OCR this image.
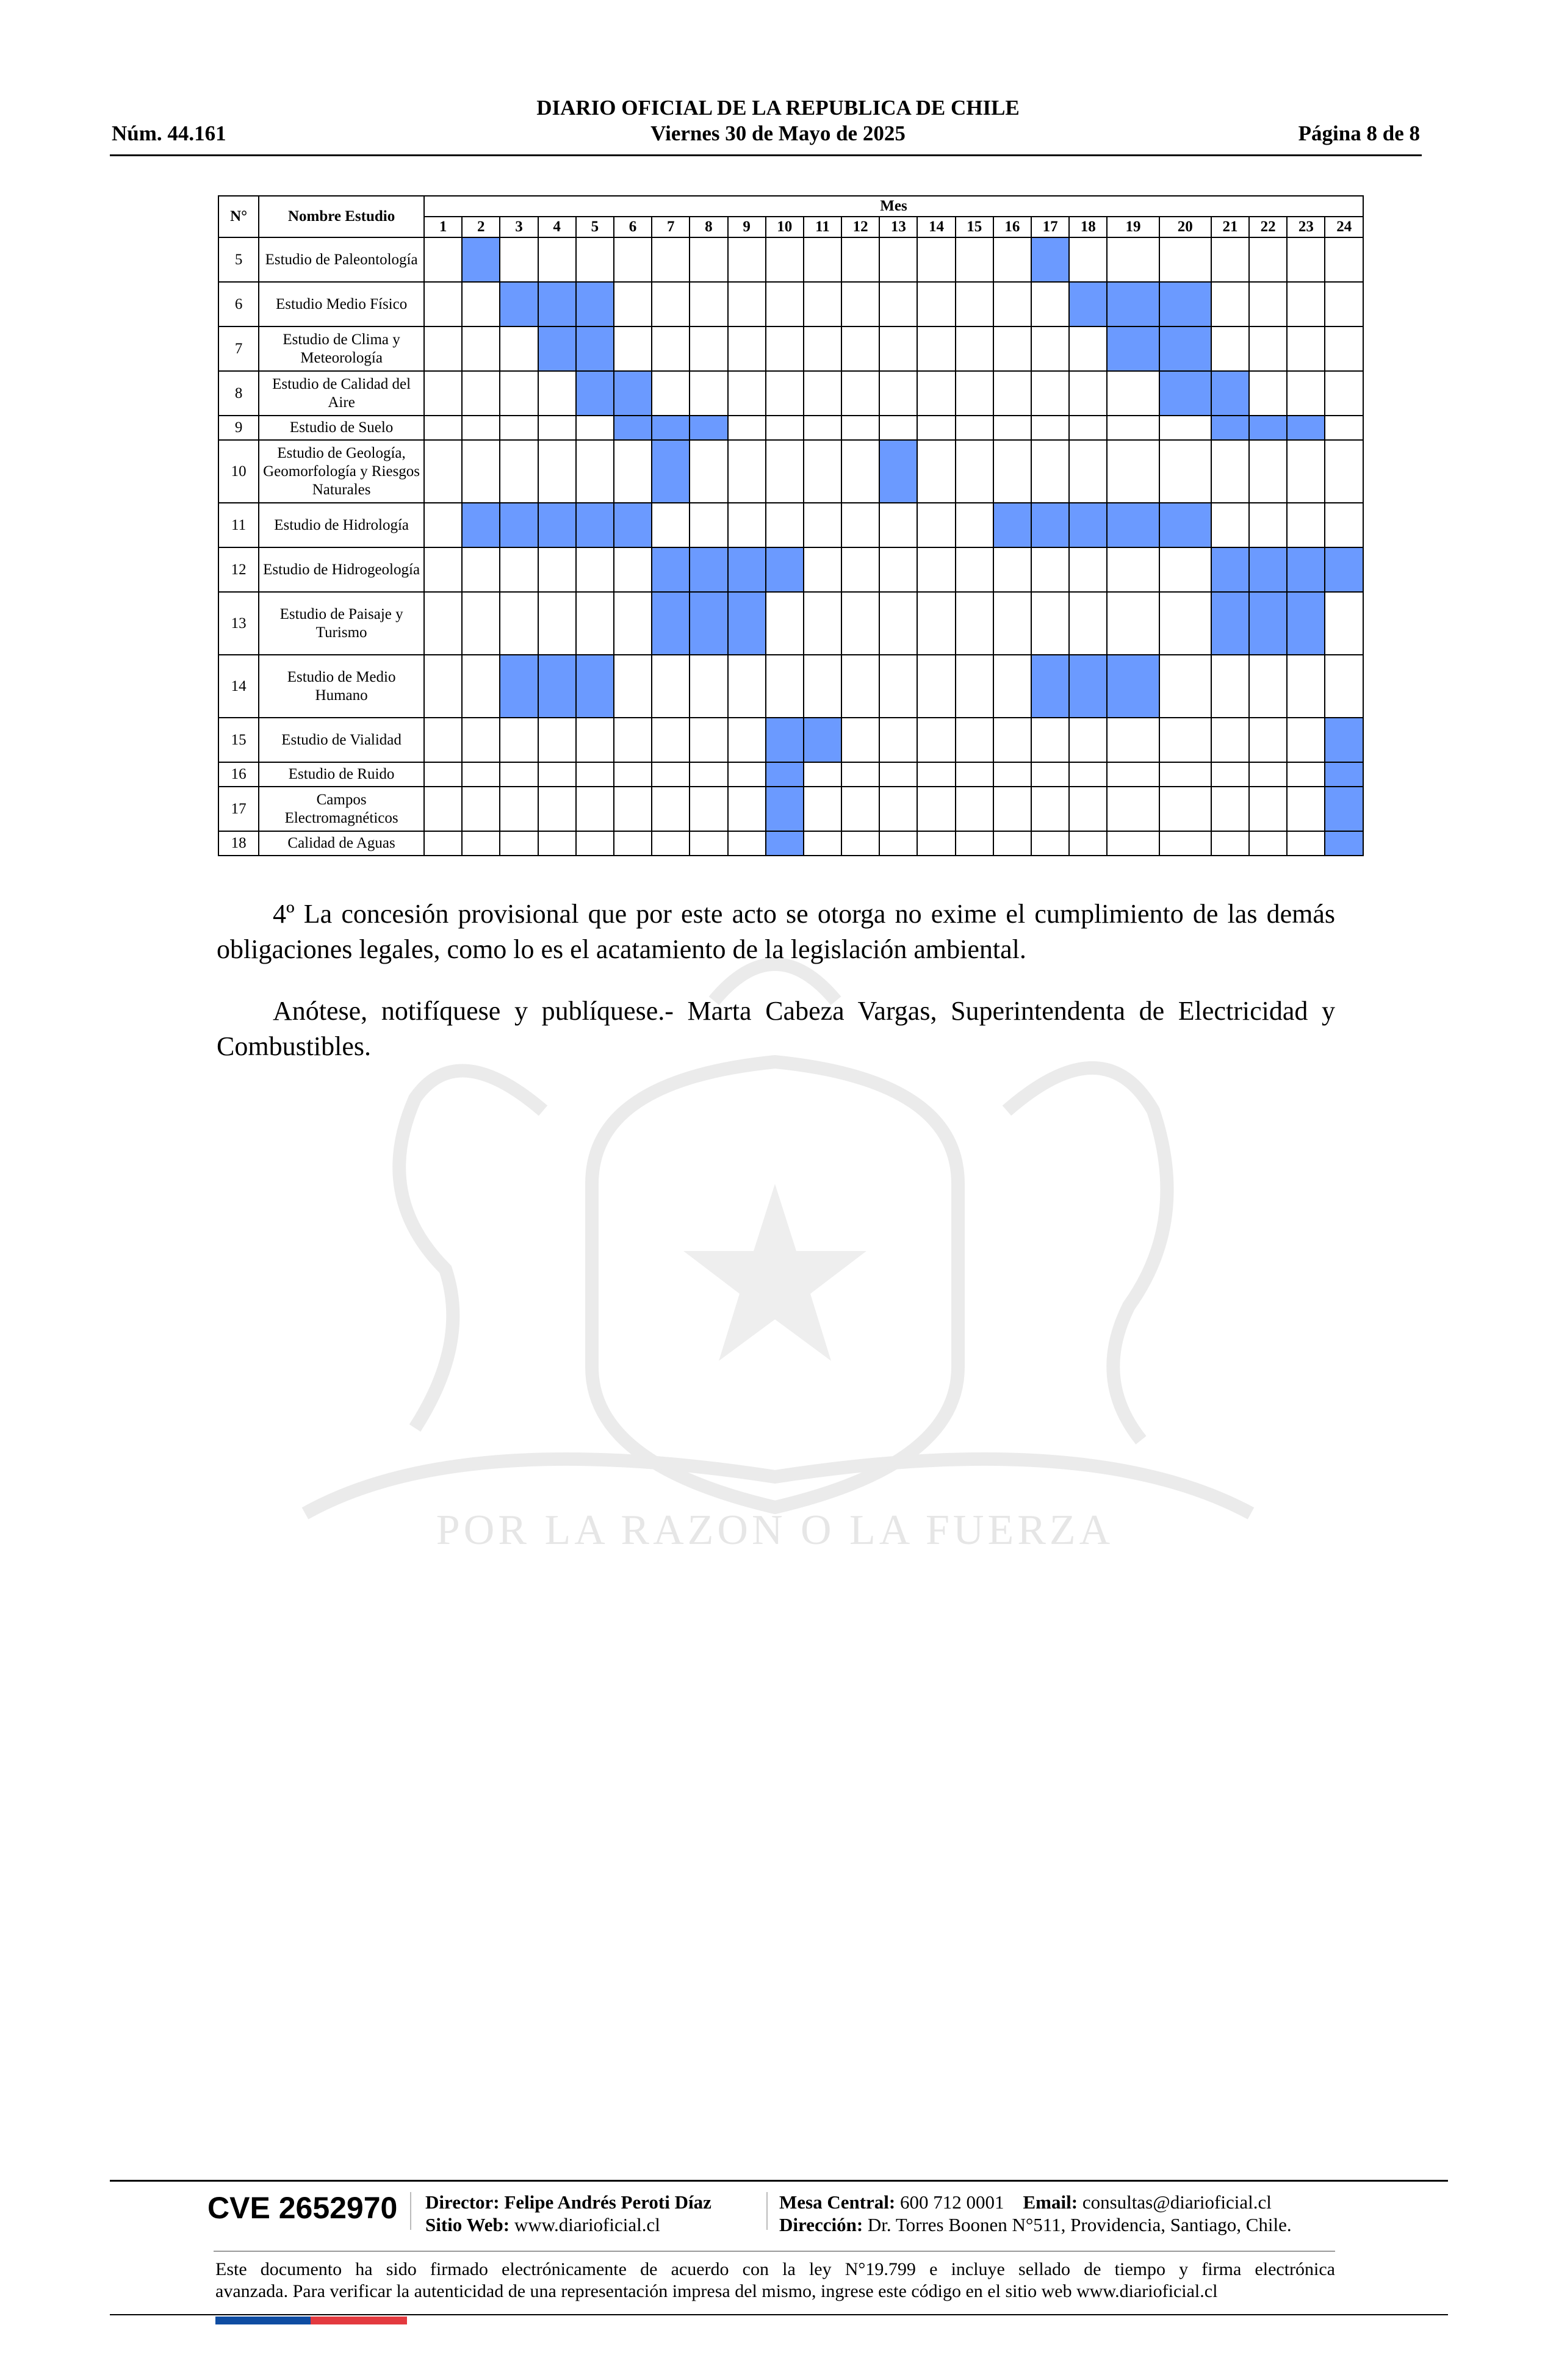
POR LA RAZON O LA FUERZA
DIARIO OFICIAL DE LA REPUBLICA DE CHILE
Viernes 30 de Mayo de 2025
Núm. 44.161	Página 8 de 8
N°	Nombre Estudio	Mes																							
		1	2	3	4	5	6	7	8	9	10	11	12	13	14	15	16	17	18	19	20	21	22	23	24
5	Estudio de Paleontología																								
6	Estudio Medio Físico																								
7	Estudio de Clima y Meteorología																								
8	Estudio de Calidad del Aire																								
9	Estudio de Suelo																								
10	Estudio de Geología, Geomorfología y Riesgos Naturales																								
11	Estudio de Hidrología																								
12	Estudio de Hidrogeología																								
13	Estudio de Paisaje y Turismo																								
14	Estudio de Medio Humano																								
15	Estudio de Vialidad																								
16	Estudio de Ruido																								
17	Campos Electromagnéticos																								
18	Calidad de Aguas																								
4º La concesión provisional que por este acto se otorga no exime el cumplimiento de las demás obligaciones legales, como lo es el acatamiento de la legislación ambiental.
Anótese, notifíquese y publíquese.- Marta Cabeza Vargas, Superintendenta de Electricidad y Combustibles.
CVE 2652970 Director: Felipe Andrés Peroti Díaz
Sitio Web: www.diarioficial.cl
Mesa Central: 600 712 0001 Email: consultas@diarioficial.cl
Dirección: Dr. Torres Boonen N°511, Providencia, Santiago, Chile.
Este documento ha sido firmado electrónicamente de acuerdo con la ley N°19.799 e incluye sellado de tiempo y firma electrónica
avanzada. Para verificar la autenticidad de una representación impresa del mismo, ingrese este código en el sitio web www.diarioficial.cl
